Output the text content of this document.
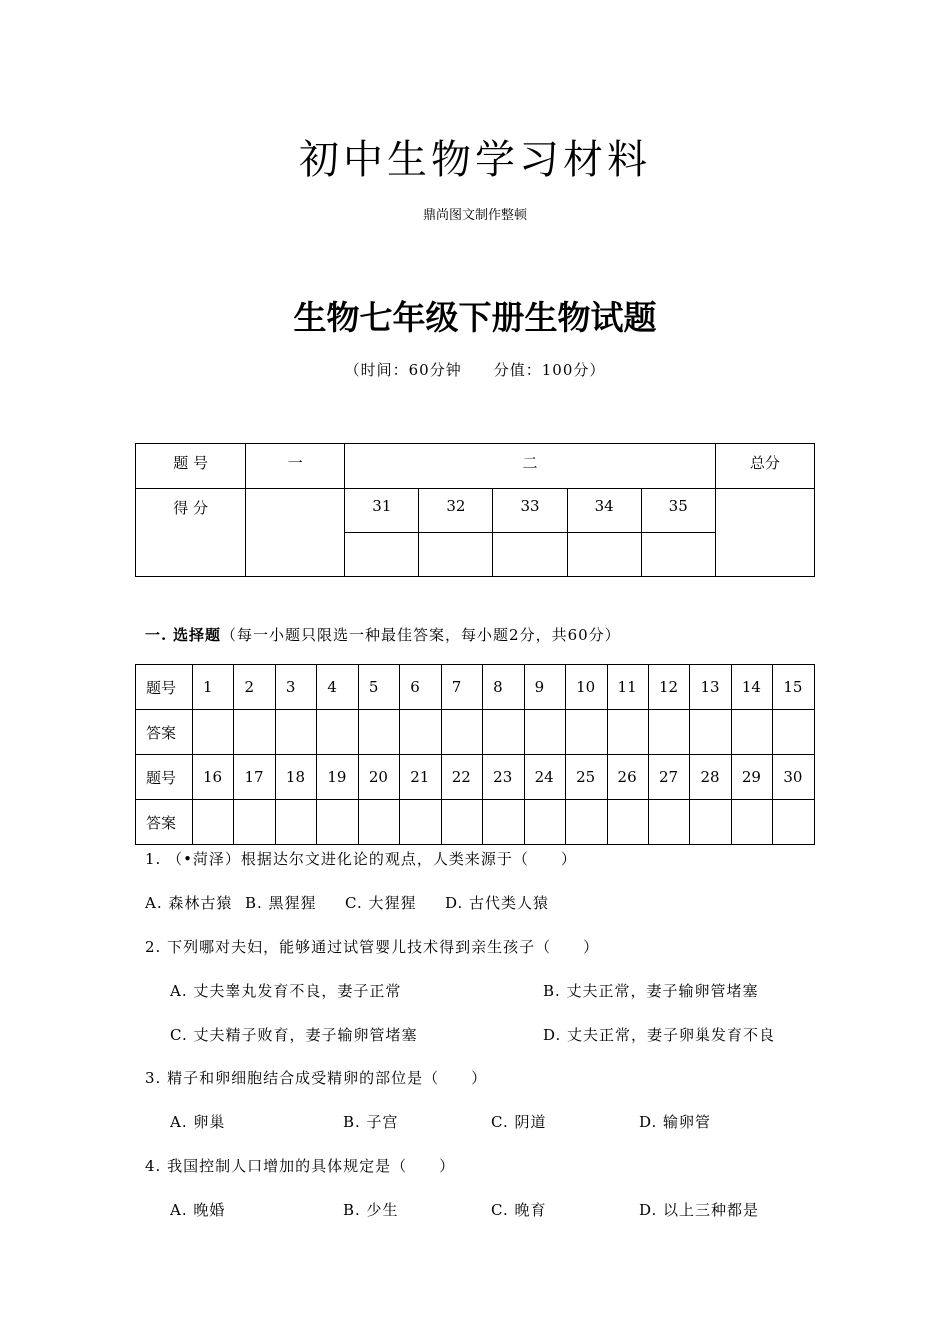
初中生物学习材料
鼎尚图文制作整顿
生物七年级下册生物试题
（时间：60分钟　　分值：100分）
题 号	一	二					总分
得 分		31	32	33	34	35	

一. 选择题（每一小题只限选一种最佳答案，每小题2分，共60分）
题号	1	2	3	4	5	6	7	8	9	10	11	12	13	14	15
答案															
题号	16	17	18	19	20	21	22	23	24	25	26	27	28	29	30
答案															
1. （•菏泽）根据达尔文进化论的观点，人类来源于（　　）
A. 森林古猿 B. 黑猩猩 C. 大猩猩 D. 古代类人猿
2. 下列哪对夫妇，能够通过试管婴儿技术得到亲生孩子（　　）
A. 丈夫睾丸发育不良，妻子正常	B. 丈夫正常，妻子输卵管堵塞
C. 丈夫精子败育，妻子输卵管堵塞	D. 丈夫正常，妻子卵巢发育不良
3. 精子和卵细胞结合成受精卵的部位是（　　）
A. 卵巢	B. 子宫	C. 阴道	D. 输卵管
4. 我国控制人口增加的具体规定是（　　）
A. 晚婚	B. 少生	C. 晚育	D. 以上三种都是
